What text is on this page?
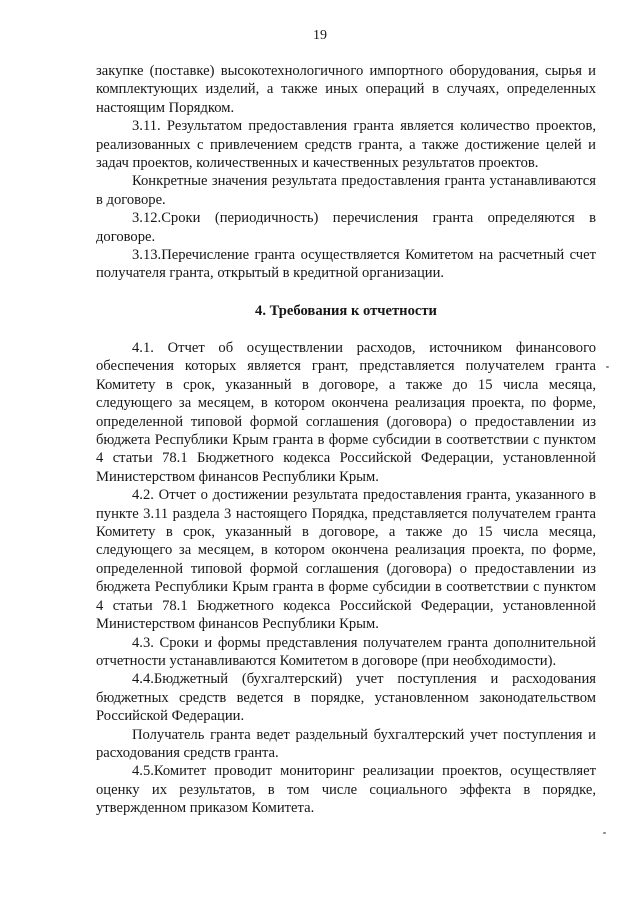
19

закупке (поставке) высокотехнологичного импортного оборудования, сырья и комплектующих изделий, а также иных операций в случаях, определенных настоящим Порядком.

3.11. Результатом предоставления гранта является количество проектов, реализованных с привлечением средств гранта, а также достижение целей и задач проектов, количественных и качественных результатов проектов.

Конкретные значения результата предоставления гранта устанавливаются в договоре.

3.12.Сроки (периодичность) перечисления гранта определяются в договоре.

3.13.Перечисление гранта осуществляется Комитетом на расчетный счет получателя гранта, открытый в кредитной организации.

4. Требования к отчетности

4.1. Отчет об осуществлении расходов, источником финансового обеспечения которых является грант, представляется получателем гранта Комитету в срок, указанный в договоре, а также до 15 числа месяца, следующего за месяцем, в котором окончена реализация проекта, по форме, определенной типовой формой соглашения (договора) о предоставлении из бюджета Республики Крым гранта в форме субсидии в соответствии с пунктом 4 статьи 78.1 Бюджетного кодекса Российской Федерации, установленной Министерством финансов Республики Крым.

4.2. Отчет о достижении результата предоставления гранта, указанного в пункте 3.11 раздела 3 настоящего Порядка, представляется получателем гранта Комитету в срок, указанный в договоре, а также до 15 числа месяца, следующего за месяцем, в котором окончена реализация проекта, по форме, определенной типовой формой соглашения (договора) о предоставлении из бюджета Республики Крым гранта в форме субсидии в соответствии с пунктом 4 статьи 78.1 Бюджетного кодекса Российской Федерации, установленной Министерством финансов Республики Крым.

4.3. Сроки и формы представления получателем гранта дополнительной отчетности устанавливаются Комитетом в договоре (при необходимости).

4.4.Бюджетный (бухгалтерский) учет поступления и расходования бюджетных средств ведется в порядке, установленном законодательством Российской Федерации.

Получатель гранта ведет раздельный бухгалтерский учет поступления и расходования средств гранта.

4.5.Комитет проводит мониторинг реализации проектов, осуществляет оценку их результатов, в том числе социального эффекта в порядке, утвержденном приказом Комитета.
